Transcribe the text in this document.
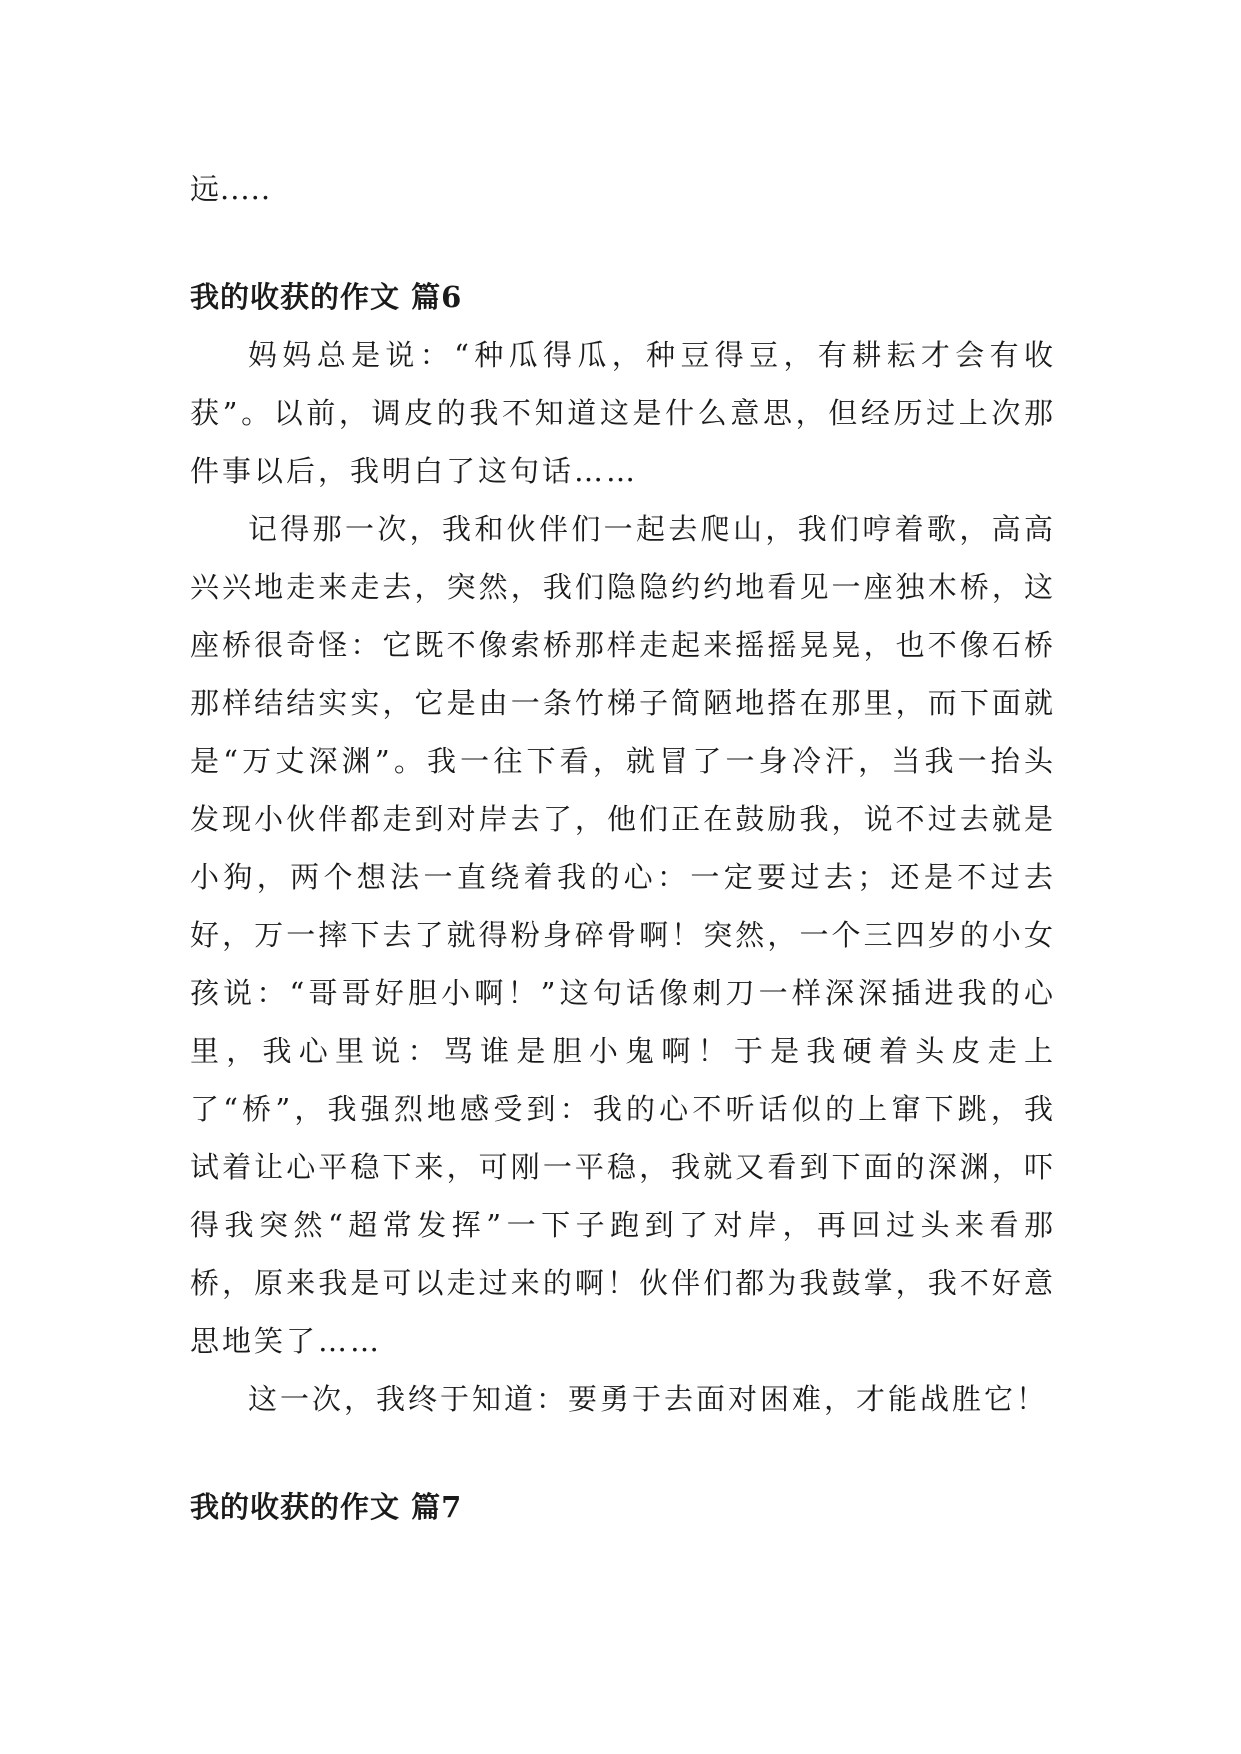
远.....

我的收获的作文 篇6

妈妈总是说：“种瓜得瓜，种豆得豆，有耕耘才会有收获”。以前，调皮的我不知道这是什么意思，但经历过上次那件事以后，我明白了这句话……

记得那一次，我和伙伴们一起去爬山，我们哼着歌，高高兴兴地走来走去，突然，我们隐隐约约地看见一座独木桥，这座桥很奇怪：它既不像索桥那样走起来摇摇晃晃，也不像石桥那样结结实实，它是由一条竹梯子简陋地搭在那里，而下面就是“万丈深渊”。我一往下看，就冒了一身冷汗，当我一抬头发现小伙伴都走到对岸去了，他们正在鼓励我，说不过去就是小狗，两个想法一直绕着我的心：一定要过去；还是不过去好，万一摔下去了就得粉身碎骨啊！突然，一个三四岁的小女孩说：“哥哥好胆小啊！”这句话像刺刀一样深深插进我的心里，我心里说：骂谁是胆小鬼啊！于是我硬着头皮走上了“桥”，我强烈地感受到：我的心不听话似的上窜下跳，我试着让心平稳下来，可刚一平稳，我就又看到下面的深渊，吓得我突然“超常发挥”一下子跑到了对岸，再回过头来看那桥，原来我是可以走过来的啊！伙伴们都为我鼓掌，我不好意思地笑了……

这一次，我终于知道：要勇于去面对困难，才能战胜它！

我的收获的作文 篇7
